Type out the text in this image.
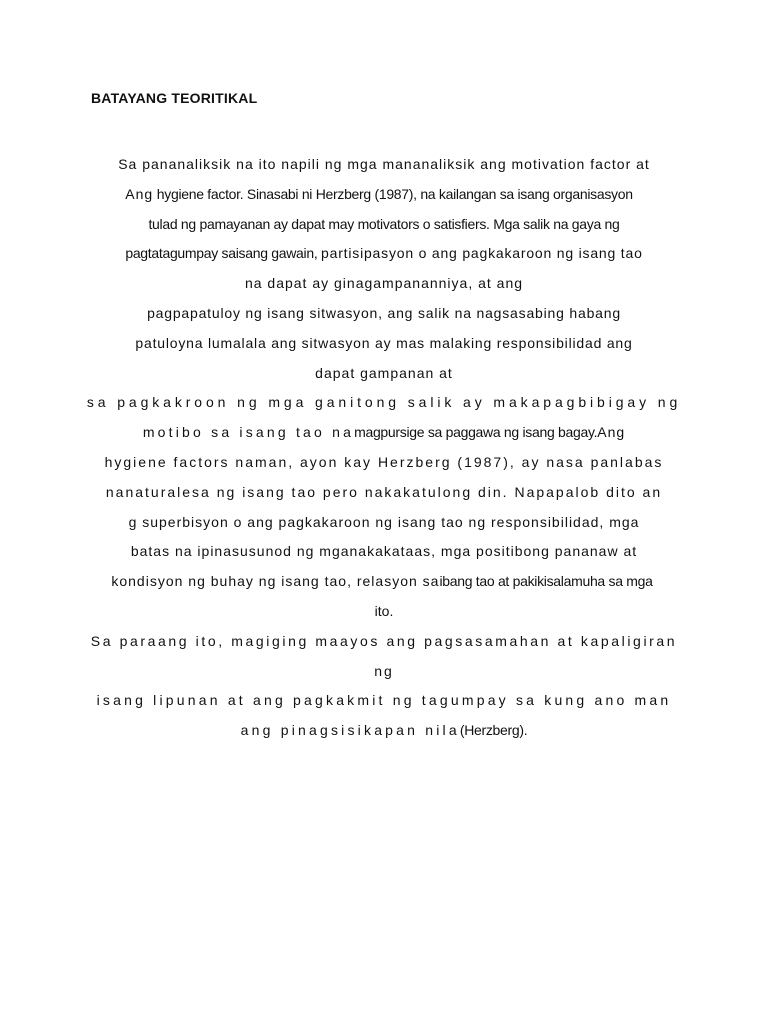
BATAYANG TEORITIKAL
Sa pananaliksik na ito napili ng mga mananaliksik ang motivation factor at
Ang hygiene factor. Sinasabi ni Herzberg (1987), na kailangan sa isang organisasyon
tulad ng pamayanan ay dapat may motivators o satisfiers. Mga salik na gaya ng
pagtatagumpay saisang gawain, partisipasyon o ang pagkakaroon ng isang tao
na dapat ay ginagampananniya, at ang
pagpapatuloy ng isang sitwasyon, ang salik na nagsasabing habang
patuloyna lumalala ang sitwasyon ay mas malaking responsibilidad ang
dapat gampanan at
sa pagkakroon ng mga ganitong salik ay makapagbibigay ng
motibo sa isang tao namagpursige sa paggawa ng isang bagay.Ang
hygiene factors naman, ayon kay Herzberg (1987), ay nasa panlabas
nanaturalesa ng isang tao pero nakakatulong din. Napapalob dito an
g superbisyon o ang pagkakaroon ng isang tao ng responsibilidad, mga
batas na ipinasusunod ng mganakakataas, mga positibong pananaw at
kondisyon ng buhay ng isang tao, relasyon saibang tao at pakikisalamuha sa mga
ito.
Sa paraang ito, magiging maayos ang pagsasamahan at kapaligiran
ng
isang lipunan at ang pagkakmit ng tagumpay sa kung ano man
ang pinagsisikapan nila(Herzberg).
